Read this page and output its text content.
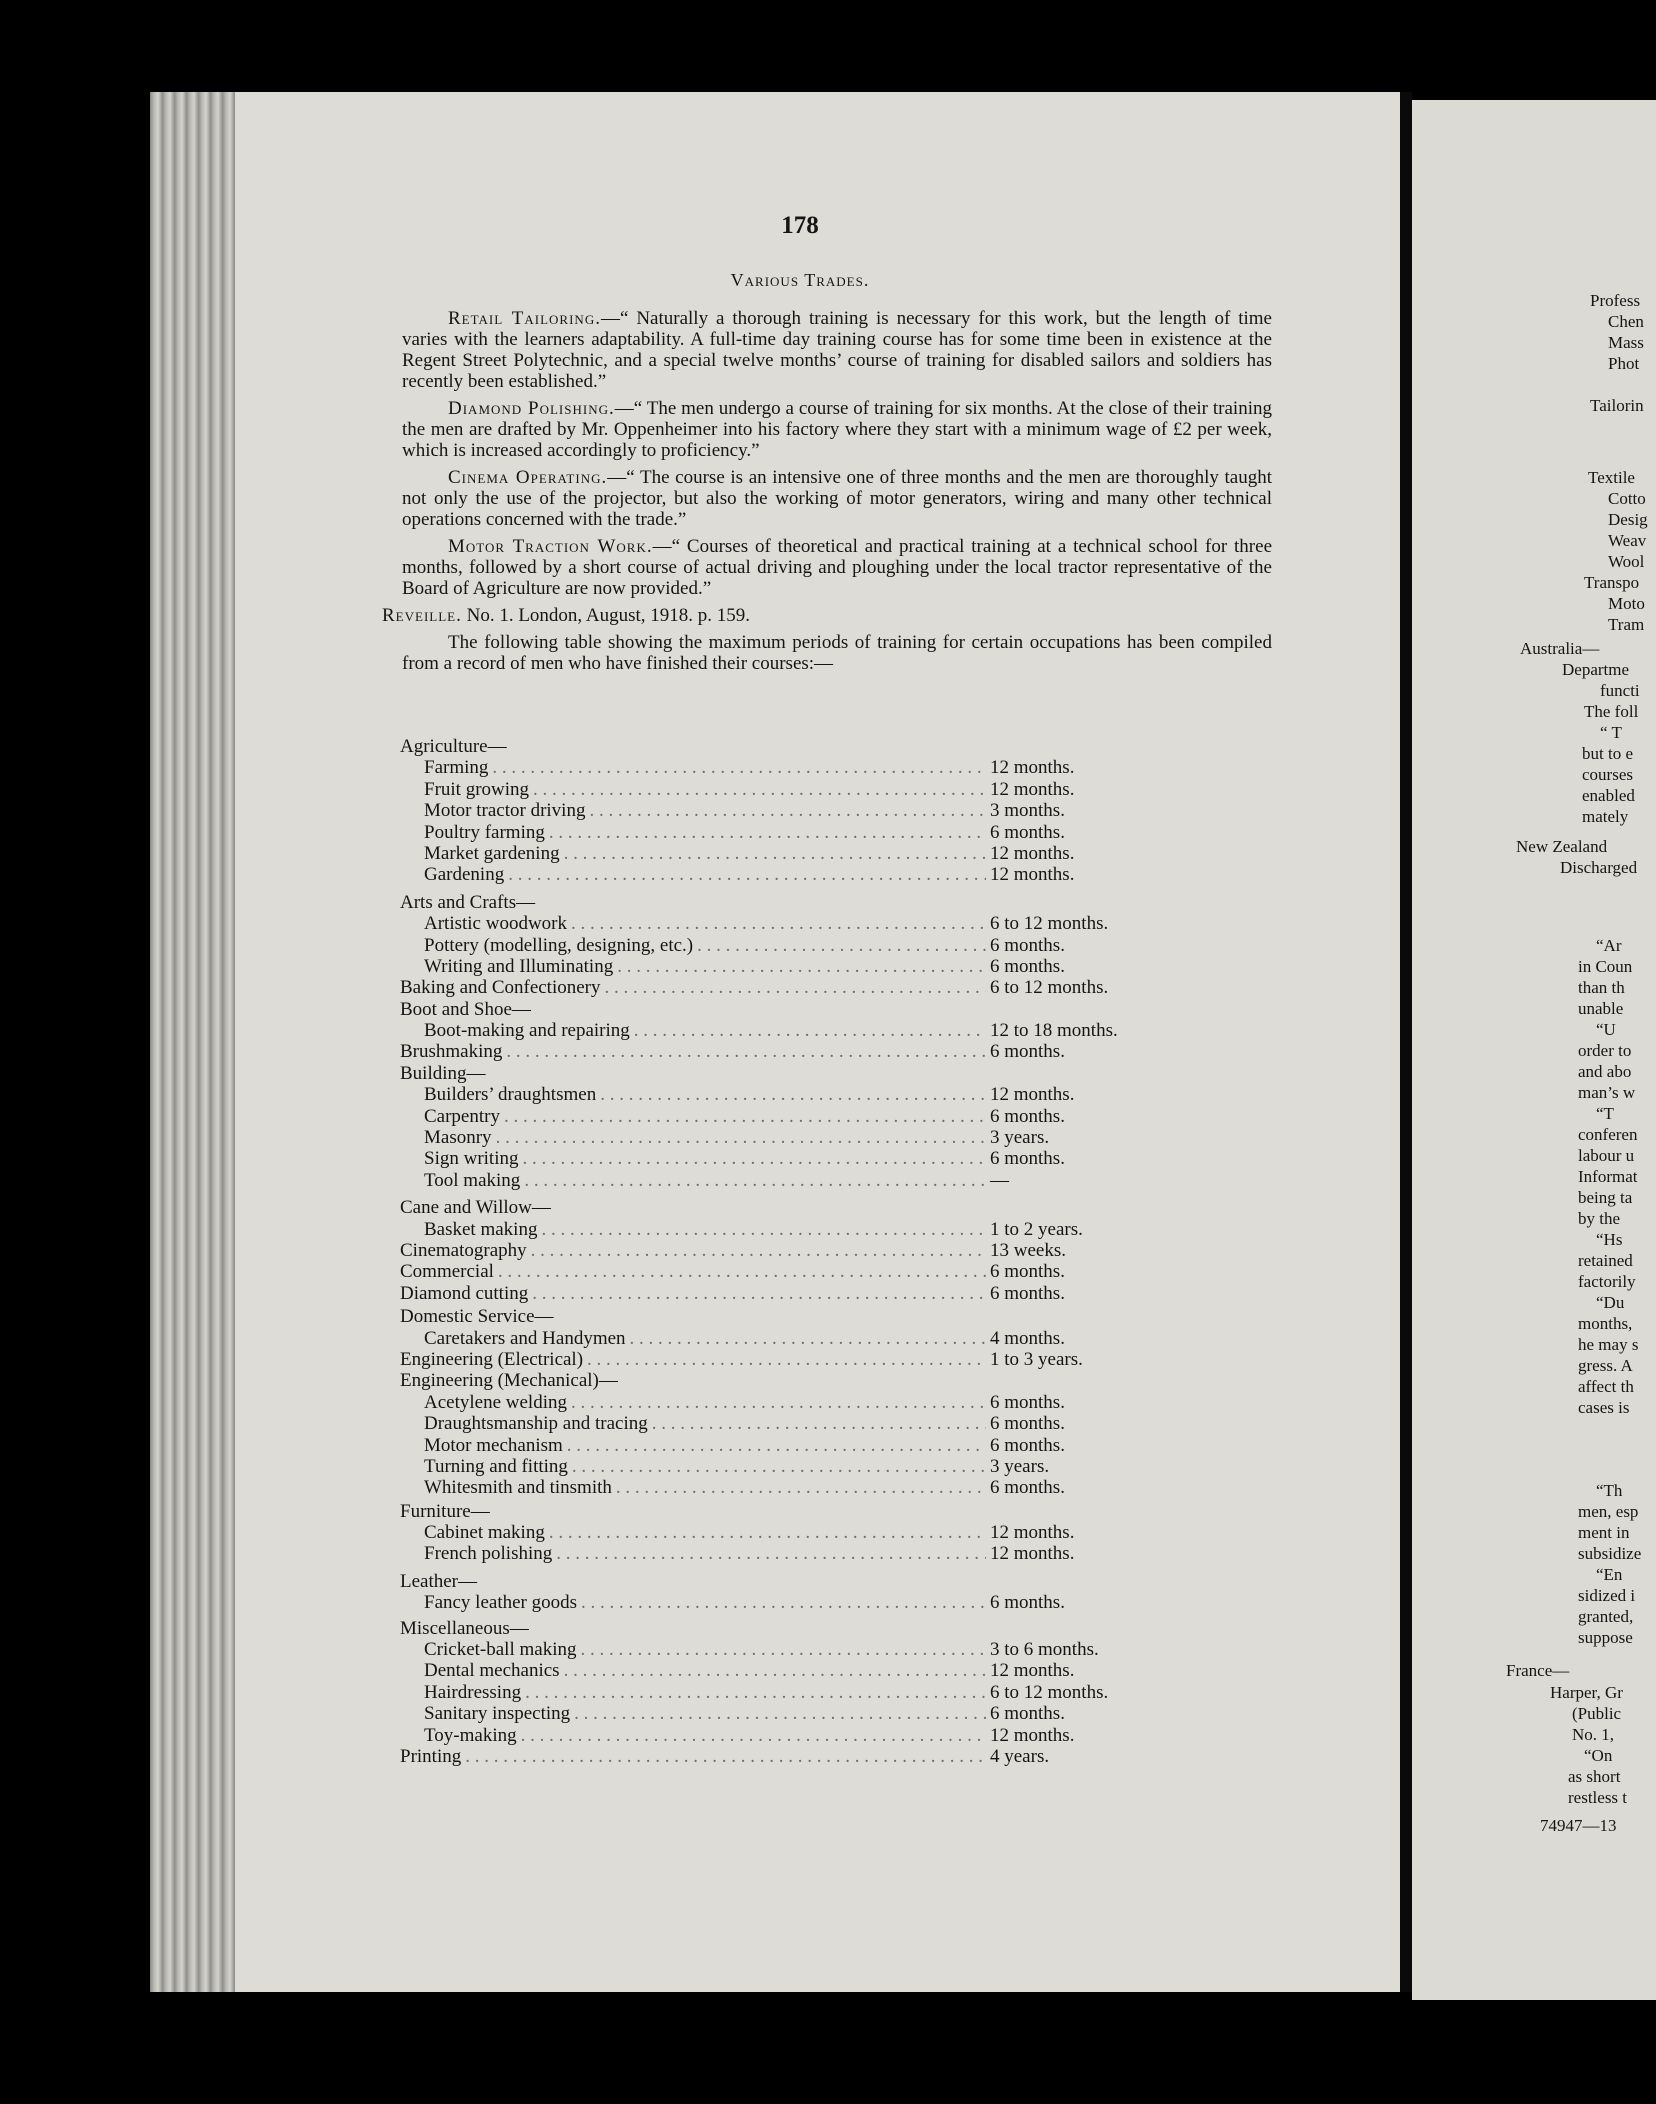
178
Various Trades.

Retail Tailoring.—“ Naturally a thorough training is necessary for this work, but the length of time varies with the learners adaptability. A full-time day training course has for some time been in existence at the Regent Street Polytechnic, and a special twelve months’ course of training for disabled sailors and soldiers has recently been established.”

Diamond Polishing.—“ The men undergo a course of training for six months. At the close of their training the men are drafted by Mr. Oppenheimer into his factory where they start with a minimum wage of £2 per week, which is increased accordingly to proficiency.”

Cinema Operating.—“ The course is an intensive one of three months and the men are thoroughly taught not only the use of the projector, but also the working of motor generators, wiring and many other technical operations concerned with the trade.”

Motor Traction Work.—“ Courses of theoretical and practical training at a technical school for three months, followed by a short course of actual driving and ploughing under the local tractor representative of the Board of Agriculture are now provided.”

Reveille. No. 1. London, August, 1918. p. 159.

The following table showing the maximum periods of training for certain occupations has been compiled from a record of men who have finished their courses:—

Agriculture—
Farming . . .	12 months.
Fruit growing . . .	12 months.
Motor tractor driving . . .	3 months.
Poultry farming . . .	6 months.
Market gardening . . .	12 months.
Gardening . . .	12 months.
Arts and Crafts—
Artistic woodwork . . .	6 to 12 months.
Pottery (modelling, designing, etc.) . . .	6 months.
Writing and Illuminating . . .	6 months.
Baking and Confectionery . . .	6 to 12 months.
Boot and Shoe—
Boot-making and repairing . . .	12 to 18 months.
Brushmaking . . .	6 months.
Building—
Builders’ draughtsmen . . .	12 months.
Carpentry . . .	6 months.
Masonry . . .	3 years.
Sign writing . . .	6 months.
Tool making . . .	—
Cane and Willow—
Basket making . . .	1 to 2 years.
Cinematography . . .	13 weeks.
Commercial . . .	6 months.
Diamond cutting . . .	6 months.
Domestic Service—
Caretakers and Handymen . . .	4 months.
Engineering (Electrical) . . .	1 to 3 years.
Engineering (Mechanical)—
Acetylene welding . . .	6 months.
Draughtsmanship and tracing . . .	6 months.
Motor mechanism . . .	6 months.
Turning and fitting . . .	3 years.
Whitesmith and tinsmith . . .	6 months.
Furniture—
Cabinet making . . .	12 months.
French polishing . . .	12 months.
Leather—
Fancy leather goods . . .	6 months.
Miscellaneous—
Cricket-ball making . . .	3 to 6 months.
Dental mechanics . . .	12 months.
Hairdressing . . .	6 to 12 months.
Sanitary inspecting . . .	6 months.
Toy-making . . .	12 months.
Printing . . .	4 years.
Profess
Chen
Mass
Phot
Tailorin
Textile
Cotto
Desig
Weav
Wool
Transpo
Moto
Tram
Australia—
Departme
functi
The foll
“ T
but to e
courses
enabled
mately
New Zealand
Discharged
“Ar
in Coun
than th
unable
“U
order to
and abo
man’s w
“T
conferen
labour u
Informat
being ta
by the
“Hs
retained
factorily
“Du
months,
he may s
gress. A
affect th
cases is
“Th
men, esp
ment in
subsidize
“En
sidized i
granted,
suppose
France—
Harper, Gr
(Public
No. 1,
“On
as short
restless t
74947—13
